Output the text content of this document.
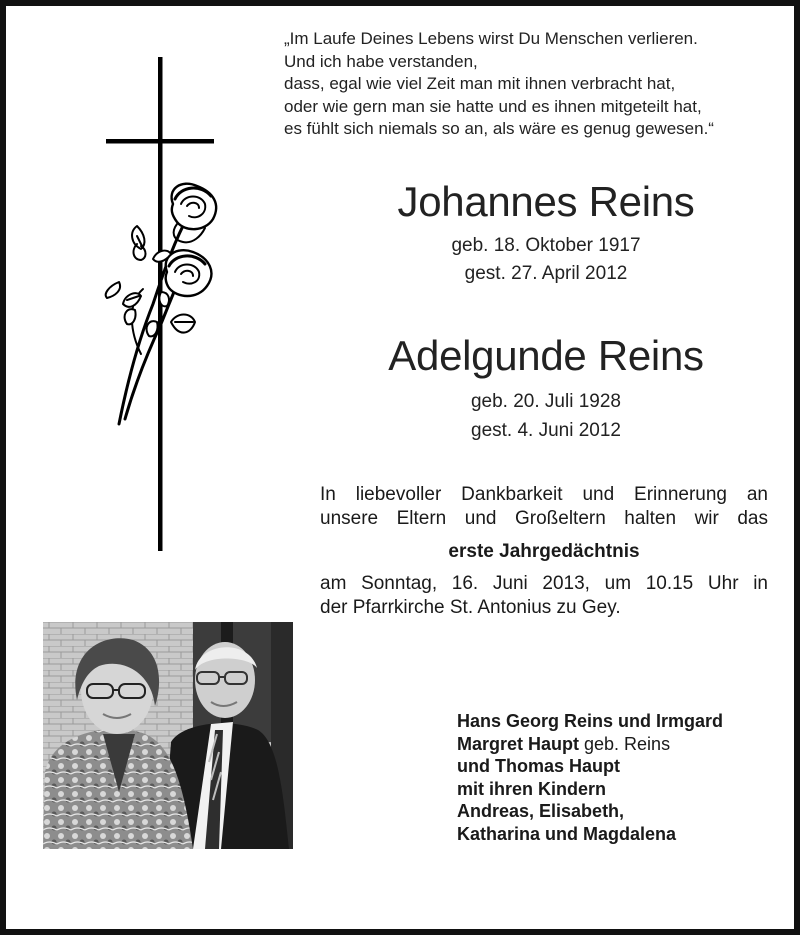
„Im Laufe Deines Lebens wirst Du Menschen verlieren.
Und ich habe verstanden,
dass, egal wie viel Zeit man mit ihnen verbracht hat,
oder wie gern man sie hatte und es ihnen mitgeteilt hat,
es fühlt sich niemals so an, als wäre es genug gewesen.“
Johannes Reins
geb. 18. Oktober 1917
gest. 27. April 2012
Adelgunde Reins
geb. 20. Juli 1928
gest. 4. Juni 2012
In liebevoller Dankbarkeit und Erinnerung an
unsere Eltern und Großeltern halten wir das
erste Jahrgedächtnis
am Sonntag, 16. Juni 2013, um 10.15 Uhr in
der Pfarrkirche St. Antonius zu Gey.
Hans Georg Reins und Irmgard
Margret Haupt geb. Reins
und Thomas Haupt
mit ihren Kindern
Andreas, Elisabeth,
Katharina und Magdalena
